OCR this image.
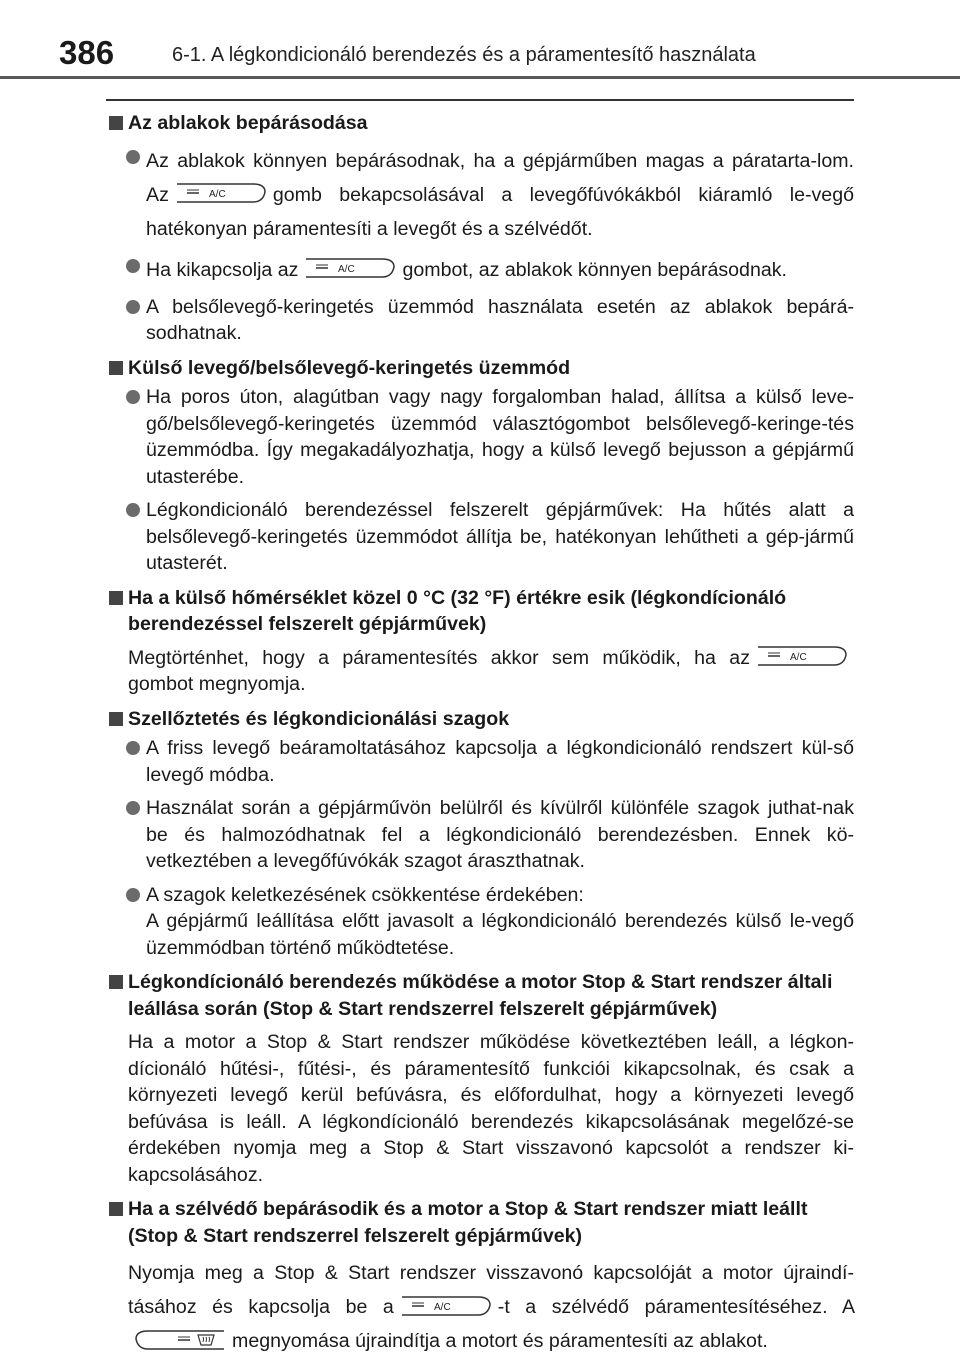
386	6-1. A légkondicionáló berendezés és a páramentesítő használata
Az ablakok bepárásodása
Az ablakok könnyen bepárásodnak, ha a gépjárműben magas a páratarta-lom. Az	A/C gomb bekapcsolásával a levegőfúvókákból kiáramló le-vegő hatékonyan páramentesíti a levegőt és a szélvédőt.
Ha kikapcsolja az	A/C gombot, az ablakok könnyen bepárásodnak.
A belsőlevegő-keringetés üzemmód használata esetén az ablakok bepárá-sodhatnak.
Külső levegő/belsőlevegő-keringetés üzemmód
Ha poros úton, alagútban vagy nagy forgalomban halad, állítsa a külső leve-gő/belsőlevegő-keringetés üzemmód választógombot belsőlevegő-keringe-tés üzemmódba. Így megakadályozhatja, hogy a külső levegő bejusson a gépjármű utasterébe.
Légkondicionáló berendezéssel felszerelt gépjárművek: Ha hűtés alatt a belsőlevegő-keringetés üzemmódot állítja be, hatékonyan lehűtheti a gép-jármű utasterét.
Ha a külső hőmérséklet közel 0 °C (32 °F) értékre esik (légkondícionáló berendezéssel felszerelt gépjárművek)
Megtörténhet, hogy a páramentesítés akkor sem működik, ha az	A/C
gombot megnyomja.
Szellőztetés és légkondicionálási szagok
A friss levegő beáramoltatásához kapcsolja a légkondicionáló rendszert kül-ső levegő módba.
Használat során a gépjárművön belülről és kívülről különféle szagok juthat-nak be és halmozódhatnak fel a légkondicionáló berendezésben. Ennek kö-vetkeztében a levegőfúvókák szagot áraszthatnak.
A szagok keletkezésének csökkentése érdekében:
A gépjármű leállítása előtt javasolt a légkondicionáló berendezés külső le-vegő üzemmódban történő működtetése.
Légkondícionáló berendezés működése a motor Stop & Start rendszer általi leállása során (Stop & Start rendszerrel felszerelt gépjárművek)
Ha a motor a Stop & Start rendszer működése következtében leáll, a légkon-dícionáló hűtési-, fűtési-, és páramentesítő funkciói kikapcsolnak, és csak a környezeti levegő kerül befúvásra, és előfordulhat, hogy a környezeti levegő befúvása is leáll. A légkondícionáló berendezés kikapcsolásának megelőzé-se érdekében nyomja meg a Stop & Start visszavonó kapcsolót a rendszer ki-kapcsolásához.
Ha a szélvédő bepárásodik és a motor a Stop & Start rendszer miatt leállt (Stop & Start rendszerrel felszerelt gépjárművek)
Nyomja meg a Stop & Start rendszer visszavonó kapcsolóját a motor újraindí-tásához és kapcsolja be a	A/C -t a szélvédő páramentesítéséhez. A
megnyomása újraindítja a motort és páramentesíti az ablakot.
